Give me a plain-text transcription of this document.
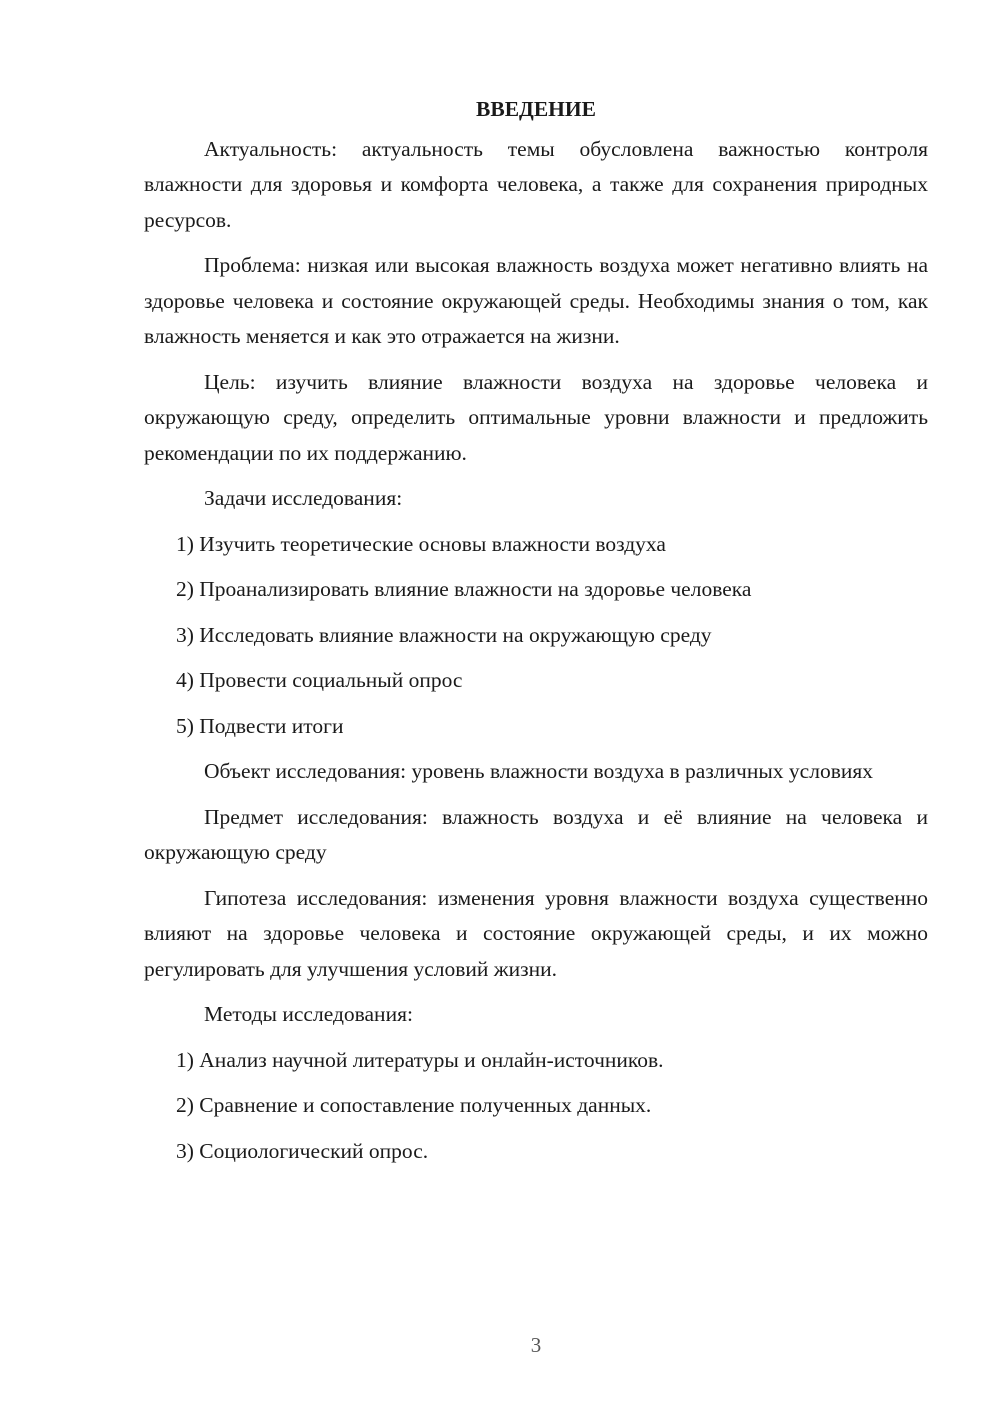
ВВЕДЕНИЕ

Актуальность: актуальность темы обусловлена важностью контроля влажности для здоровья и комфорта человека, а также для сохранения природных ресурсов.

Проблема: низкая или высокая влажность воздуха может негативно влиять на здоровье человека и состояние окружающей среды. Необходимы знания о том, как влажность меняется и как это отражается на жизни.

Цель: изучить влияние влажности воздуха на здоровье человека и окружающую среду, определить оптимальные уровни влажности и предложить рекомендации по их поддержанию.

Задачи исследования:

1) Изучить теоретические основы влажности воздуха

2) Проанализировать влияние влажности на здоровье человека

3) Исследовать влияние влажности на окружающую среду

4) Провести социальный опрос

5) Подвести итоги

Объект исследования: уровень влажности воздуха в различных условиях

Предмет исследования: влажность воздуха и её влияние на человека и окружающую среду

Гипотеза исследования: изменения уровня влажности воздуха существенно влияют на здоровье человека и состояние окружающей среды, и их можно регулировать для улучшения условий жизни.

Методы исследования:

1) Анализ научной литературы и онлайн-источников.

2) Сравнение и сопоставление полученных данных.

3) Социологический опрос.

3
